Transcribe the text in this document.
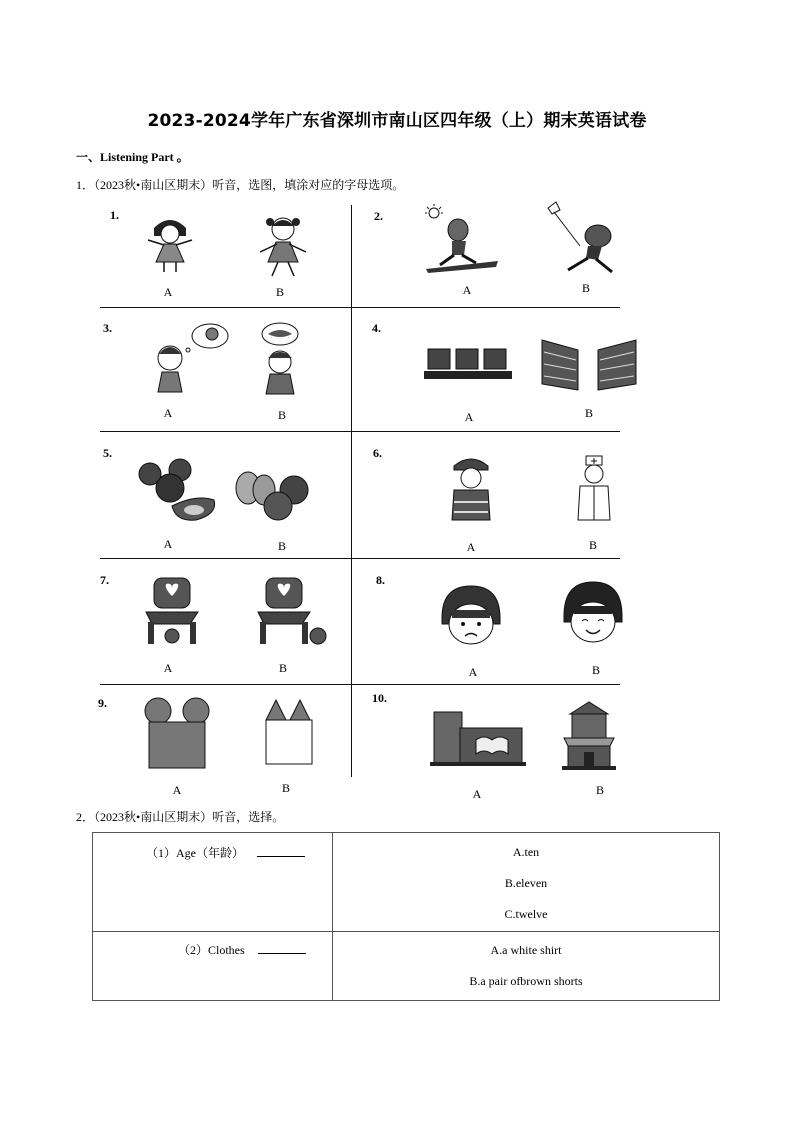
2023-2024学年广东省深圳市南山区四年级（上）期末英语试卷
一、Listening Part 。
1．（2023秋•南山区期末）听音，选图，填涂对应的字母选项。
1.	2.
3.	4.
5.	6.
7.	8.
9.	10.
A	B	A	B
A	B	A	B
A	B	A	B
A	B	A	B
A	B	A	B
2．（2023秋•南山区期末）听音，选择。
（1）Age（年龄）	A.ten
B.eleven
C.twelve

（2）Clothes	A.a white shirt
B.a pair ofbrown shorts
